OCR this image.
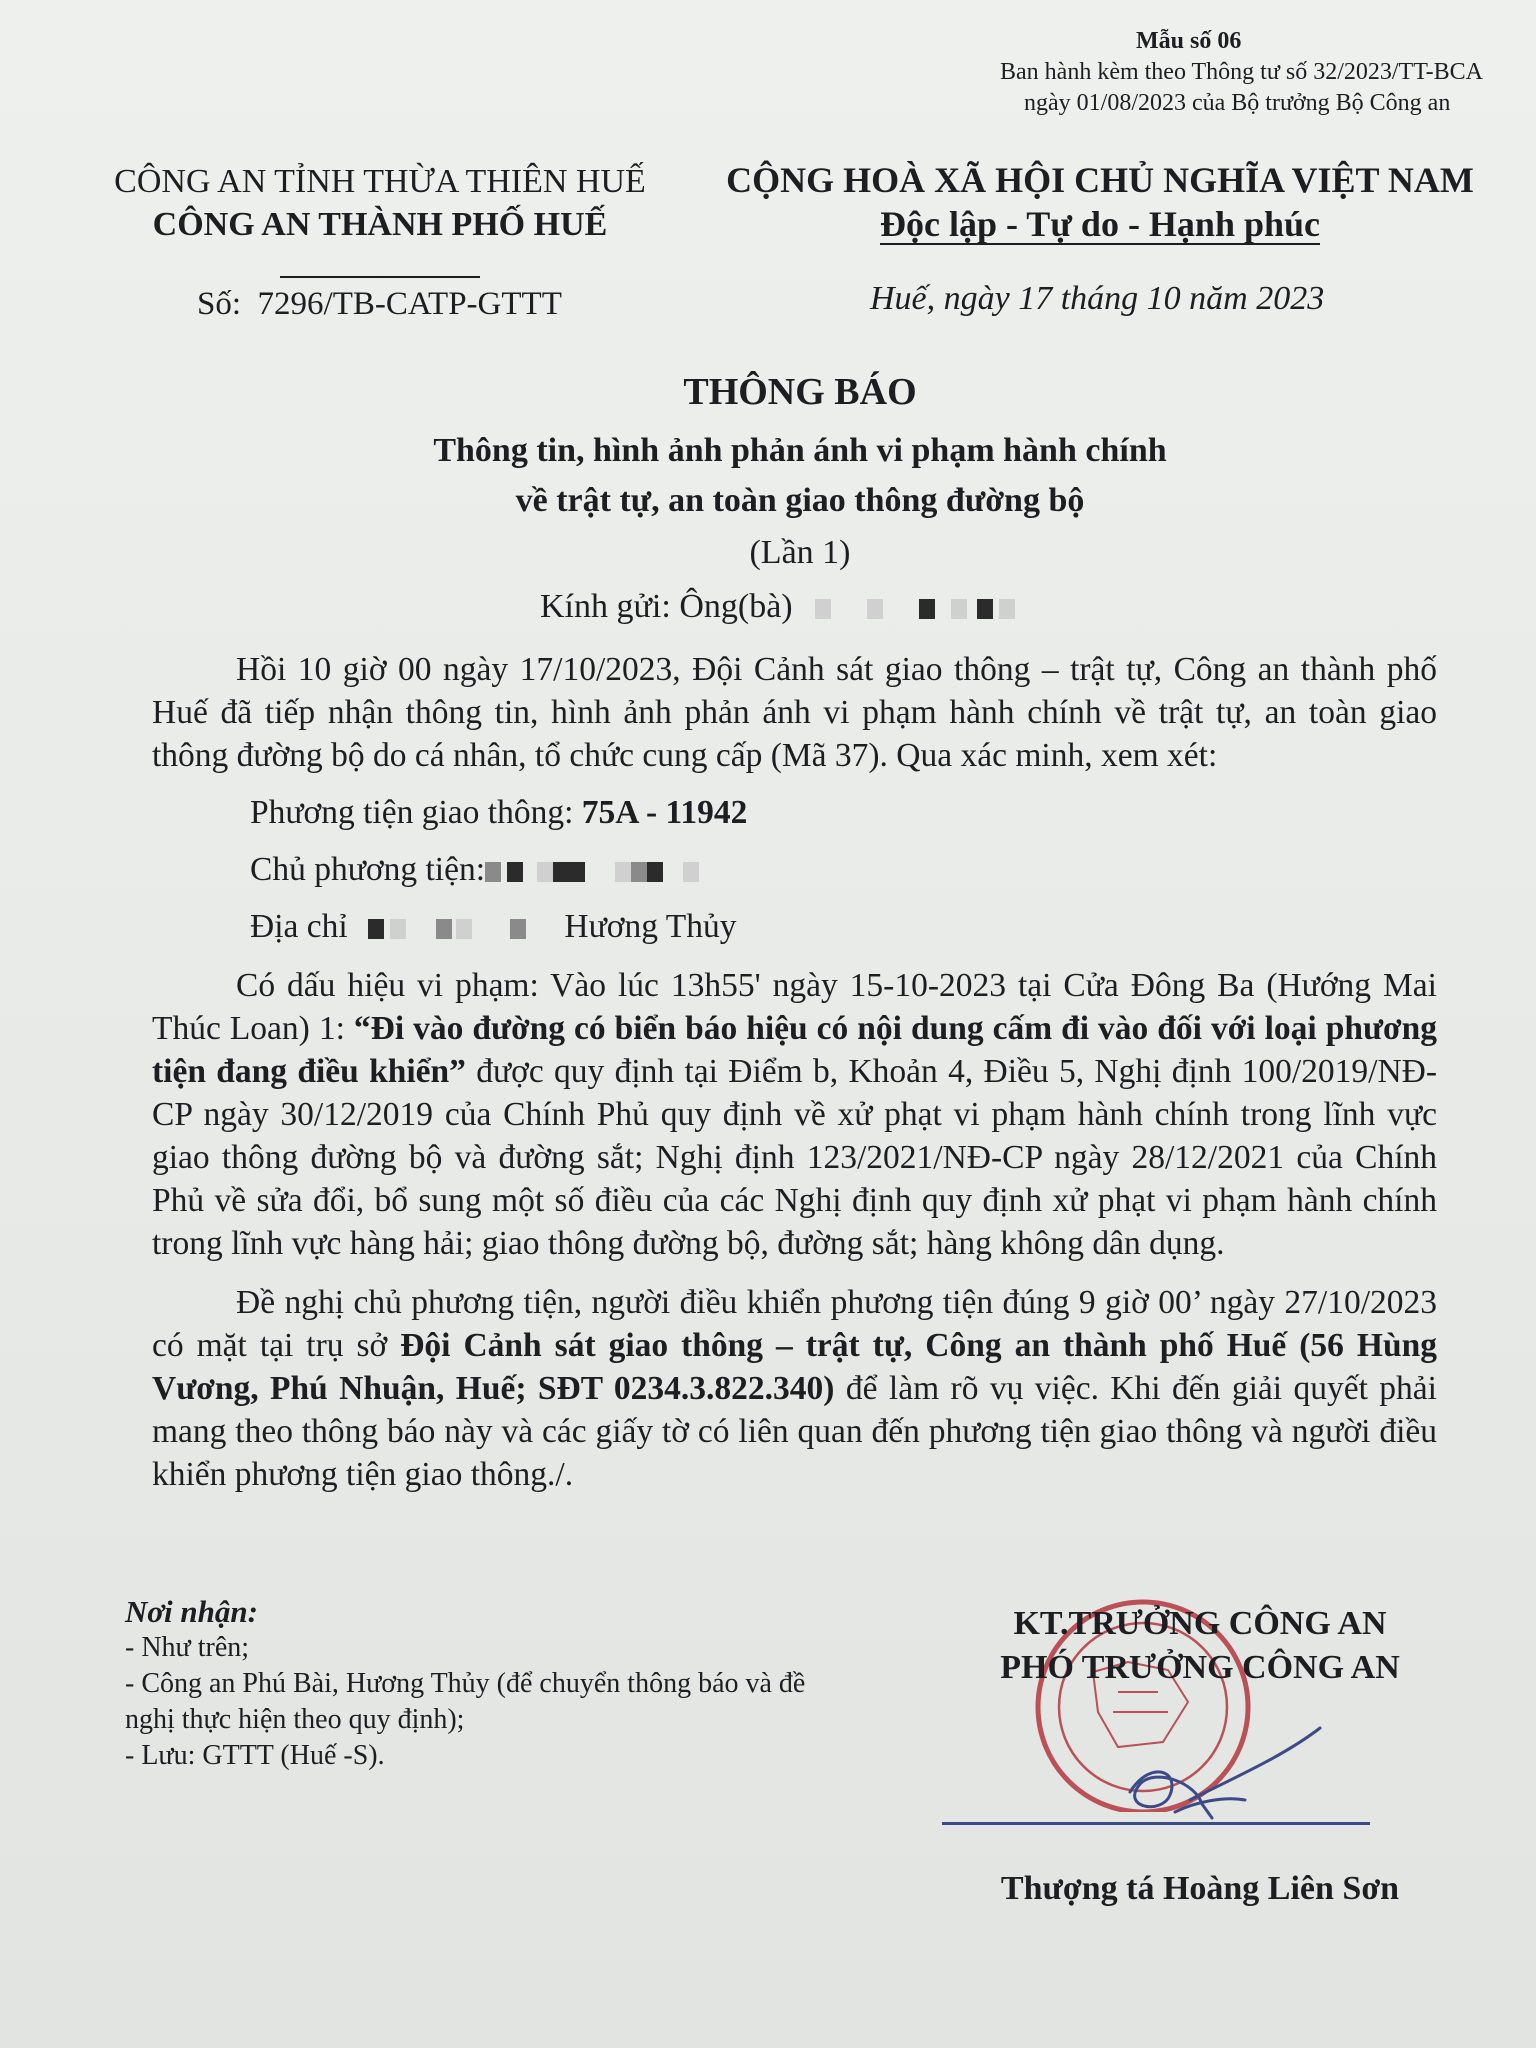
Mẫu số 06
Ban hành kèm theo Thông tư số 32/2023/TT-BCA
ngày 01/08/2023 của Bộ trưởng Bộ Công an
CÔNG AN TỈNH THỪA THIÊN HUẾ
CÔNG AN THÀNH PHỐ HUẾ
CỘNG HOÀ XÃ HỘI CHỦ NGHĨA VIỆT NAM
Độc lập - Tự do - Hạnh phúc
Số: 7296/TB-CATP-GTTT	Huế, ngày 17 tháng 10 năm 2023
THÔNG BÁO
Thông tin, hình ảnh phản ánh vi phạm hành chính
về trật tự, an toàn giao thông đường bộ
(Lần 1)
Kính gửi: Ông(bà)

Hồi 10 giờ 00 ngày 17/10/2023, Đội Cảnh sát giao thông – trật tự, Công an thành phố Huế đã tiếp nhận thông tin, hình ảnh phản ánh vi phạm hành chính về trật tự, an toàn giao thông đường bộ do cá nhân, tổ chức cung cấp (Mã 37). Qua xác minh, xem xét:

Phương tiện giao thông: 75A - 11942

Chủ phương tiện:

Địa chỉ	Hương Thủy

Có dấu hiệu vi phạm: Vào lúc 13h55' ngày 15-10-2023 tại Cửa Đông Ba (Hướng Mai Thúc Loan) 1: “Đi vào đường có biển báo hiệu có nội dung cấm đi vào đối với loại phương tiện đang điều khiển” được quy định tại Điểm b, Khoản 4, Điều 5, Nghị định 100/2019/NĐ-CP ngày 30/12/2019 của Chính Phủ quy định về xử phạt vi phạm hành chính trong lĩnh vực giao thông đường bộ và đường sắt; Nghị định 123/2021/NĐ-CP ngày 28/12/2021 của Chính Phủ về sửa đổi, bổ sung một số điều của các Nghị định quy định xử phạt vi phạm hành chính trong lĩnh vực hàng hải; giao thông đường bộ, đường sắt; hàng không dân dụng.

Đề nghị chủ phương tiện, người điều khiển phương tiện đúng 9 giờ 00’ ngày 27/10/2023 có mặt tại trụ sở Đội Cảnh sát giao thông – trật tự, Công an thành phố Huế (56 Hùng Vương, Phú Nhuận, Huế; SĐT 0234.3.822.340) để làm rõ vụ việc. Khi đến giải quyết phải mang theo thông báo này và các giấy tờ có liên quan đến phương tiện giao thông và người điều khiển phương tiện giao thông./.

Nơi nhận:
- Như trên;
- Công an Phú Bài, Hương Thủy (để chuyển thông báo và đề nghị thực hiện theo quy định);
- Lưu: GTTT (Huế -S).
KT.TRƯỞNG CÔNG AN
PHÓ TRƯỞNG CÔNG AN
Thượng tá Hoàng Liên Sơn
